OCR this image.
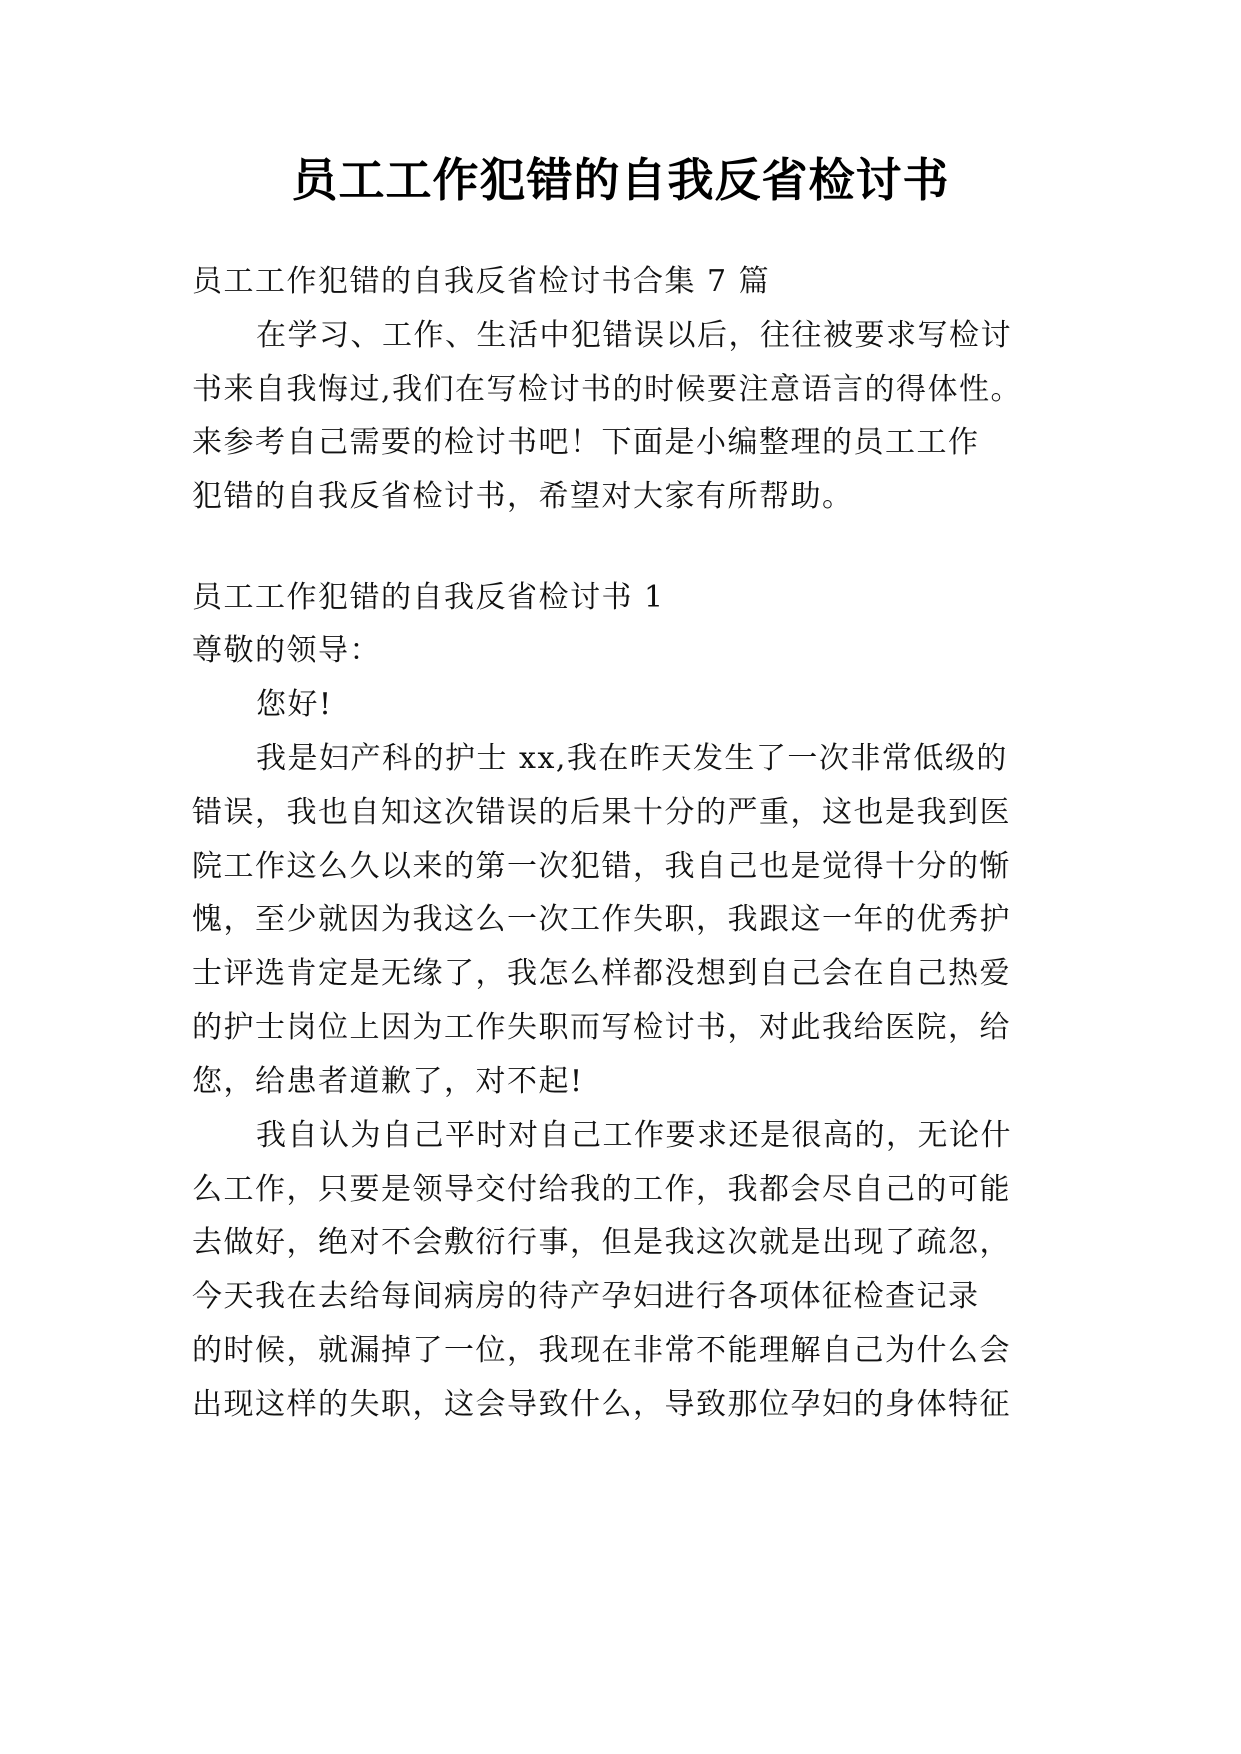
员工工作犯错的自我反省检讨书
员工工作犯错的自我反省检讨书合集 7 篇
在学习、工作、生活中犯错误以后，往往被要求写检讨
书来自我悔过,我们在写检讨书的时候要注意语言的得体性。
来参考自己需要的检讨书吧！下面是小编整理的员工工作
犯错的自我反省检讨书，希望对大家有所帮助。
员工工作犯错的自我反省检讨书 1
尊敬的领导：
您好!
我是妇产科的护士 xx,我在昨天发生了一次非常低级的
错误，我也自知这次错误的后果十分的严重，这也是我到医
院工作这么久以来的第一次犯错，我自己也是觉得十分的惭
愧，至少就因为我这么一次工作失职，我跟这一年的优秀护
士评选肯定是无缘了，我怎么样都没想到自己会在自己热爱
的护士岗位上因为工作失职而写检讨书，对此我给医院，给
您，给患者道歉了，对不起!
我自认为自己平时对自己工作要求还是很高的，无论什
么工作，只要是领导交付给我的工作，我都会尽自己的可能
去做好，绝对不会敷衍行事，但是我这次就是出现了疏忽，
今天我在去给每间病房的待产孕妇进行各项体征检查记录
的时候，就漏掉了一位，我现在非常不能理解自己为什么会
出现这样的失职，这会导致什么，导致那位孕妇的身体特征
